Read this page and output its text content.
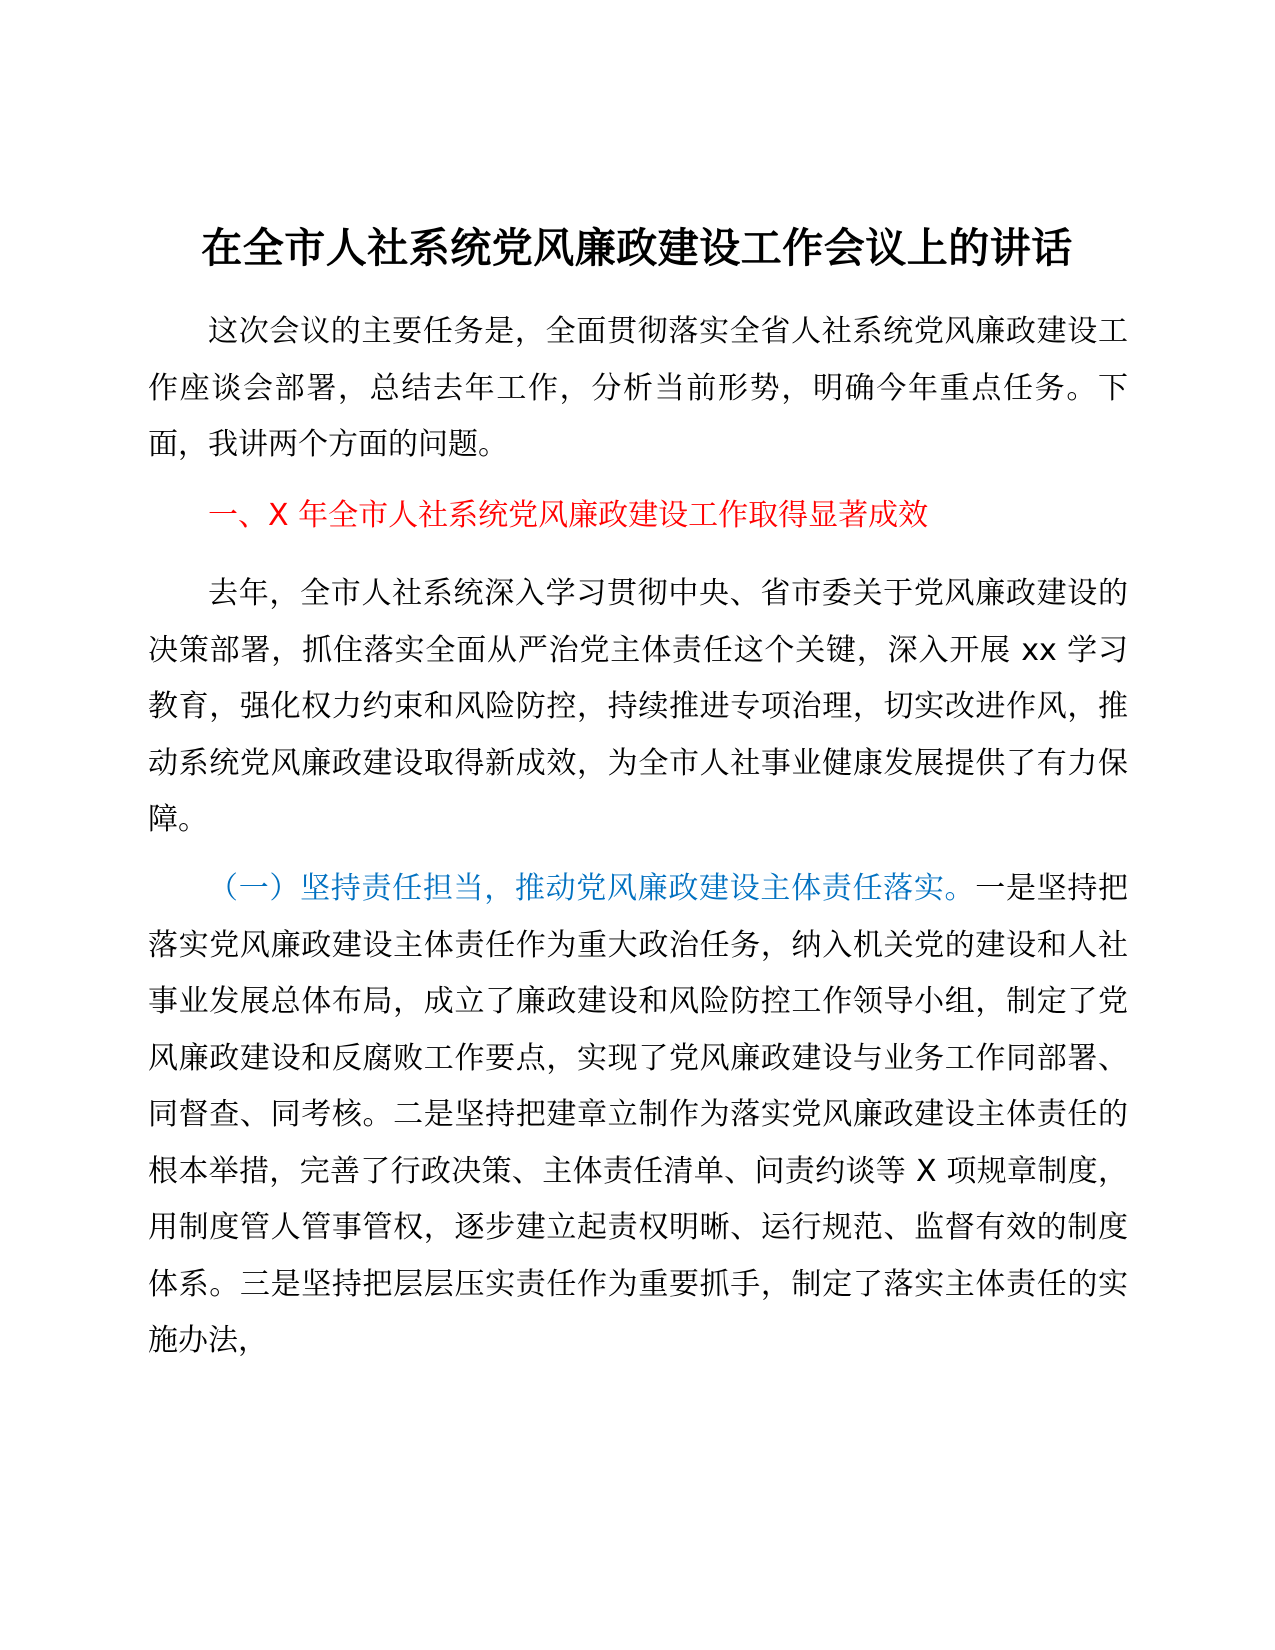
在全市人社系统党风廉政建设工作会议上的讲话
这次会议的主要任务是，全面贯彻落实全省人社系统党风廉政建设工作座谈会部署，总结去年工作，分析当前形势，明确今年重点任务。下面，我讲两个方面的问题。
一、X 年全市人社系统党风廉政建设工作取得显著成效
去年，全市人社系统深入学习贯彻中央、省市委关于党风廉政建设的决策部署，抓住落实全面从严治党主体责任这个关键，深入开展 xx 学习教育，强化权力约束和风险防控，持续推进专项治理，切实改进作风，推动系统党风廉政建设取得新成效，为全市人社事业健康发展提供了有力保障。
（一）坚持责任担当，推动党风廉政建设主体责任落实。一是坚持把落实党风廉政建设主体责任作为重大政治任务，纳入机关党的建设和人社事业发展总体布局，成立了廉政建设和风险防控工作领导小组，制定了党风廉政建设和反腐败工作要点，实现了党风廉政建设与业务工作同部署、同督查、同考核。二是坚持把建章立制作为落实党风廉政建设主体责任的根本举措，完善了行政决策、主体责任清单、问责约谈等 X 项规章制度，用制度管人管事管权，逐步建立起责权明晰、运行规范、监督有效的制度体系。三是坚持把层层压实责任作为重要抓手，制定了落实主体责任的实施办法，
